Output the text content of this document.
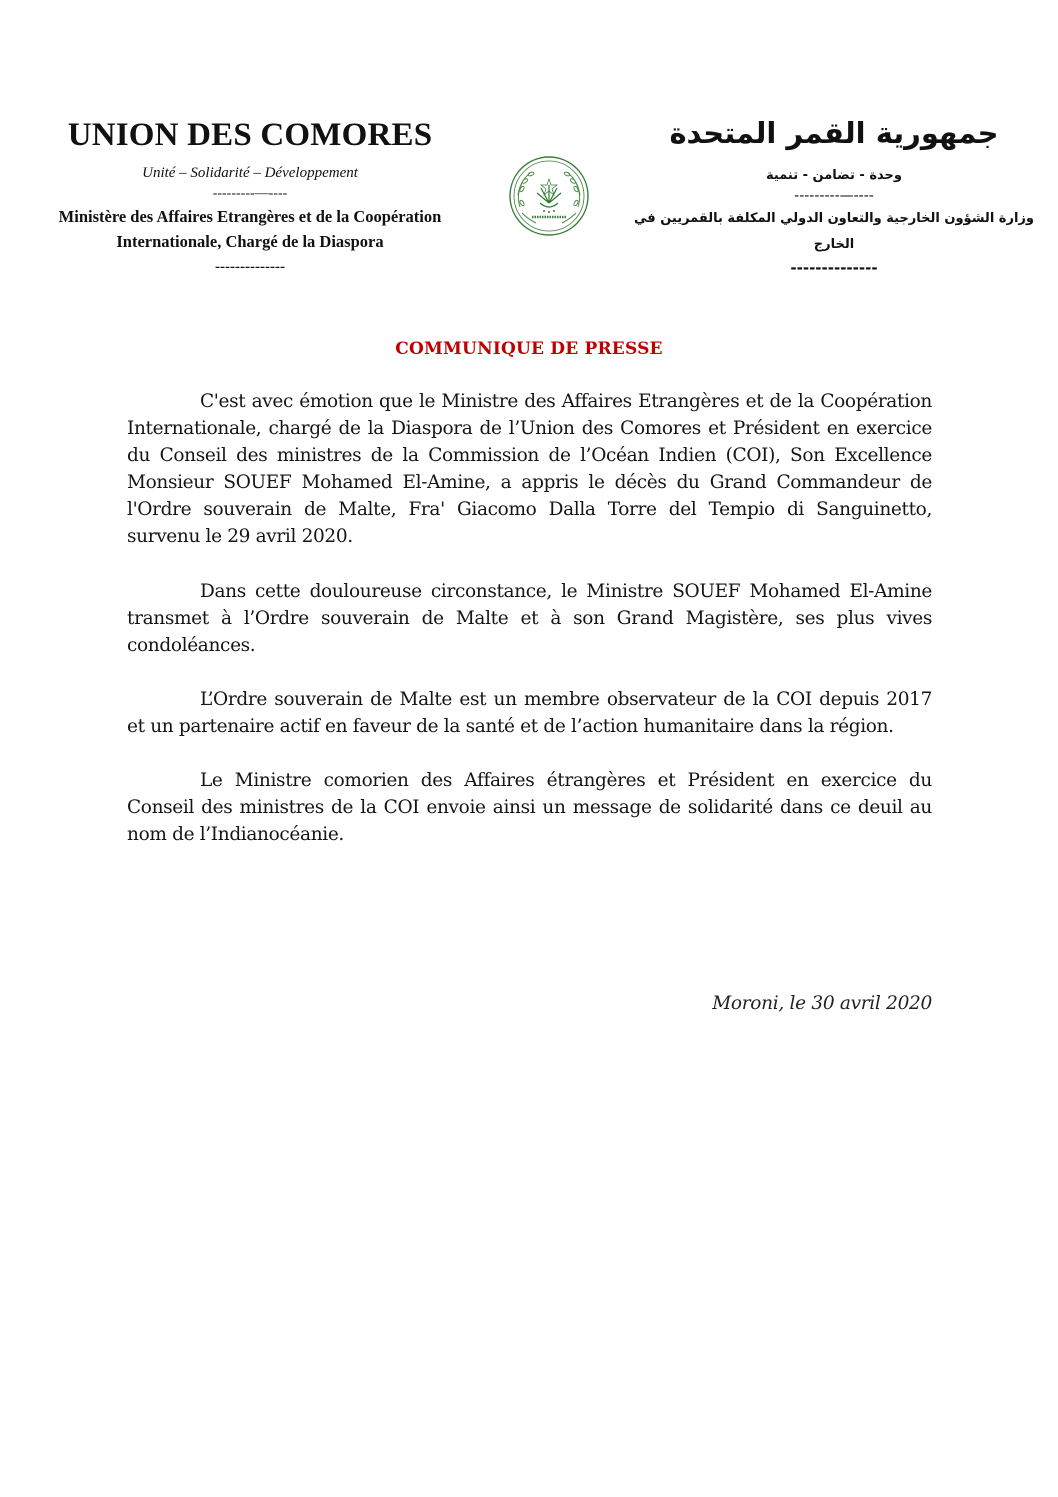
UNION DES COMORES
Unité – Solidarité – Développement
---------—----
Ministère des Affaires Etrangères et de la Coopération
Internationale, Chargé de la Diaspora
--------------
جمهورية القمر المتحدة
وحدة - تضامن - تنمية
---------—----
وزارة الشؤون الخارجية والتعاون الدولي المكلفة بالقمريين في الخارج
--------------
COMMUNIQUE DE PRESSE

C'est avec émotion que le Ministre des Affaires Etrangères et de la Coopération Internationale, chargé de la Diaspora de l’Union des Comores et Président en exercice du Conseil des ministres de la Commission de l’Océan Indien (COI), Son Excellence Monsieur SOUEF Mohamed El-Amine, a appris le décès du Grand Commandeur de l'Ordre souverain de Malte, Fra' Giacomo Dalla Torre del Tempio di Sanguinetto, survenu le 29 avril 2020.

Dans cette douloureuse circonstance, le Ministre SOUEF Mohamed El-Amine transmet à l’Ordre souverain de Malte et à son Grand Magistère, ses plus vives condoléances.

L’Ordre souverain de Malte est un membre observateur de la COI depuis 2017 et un partenaire actif en faveur de la santé et de l’action humanitaire dans la région.

Le Ministre comorien des Affaires étrangères et Président en exercice du Conseil des ministres de la COI envoie ainsi un message de solidarité dans ce deuil au nom de l’Indianocéanie.

Moroni, le 30 avril 2020
